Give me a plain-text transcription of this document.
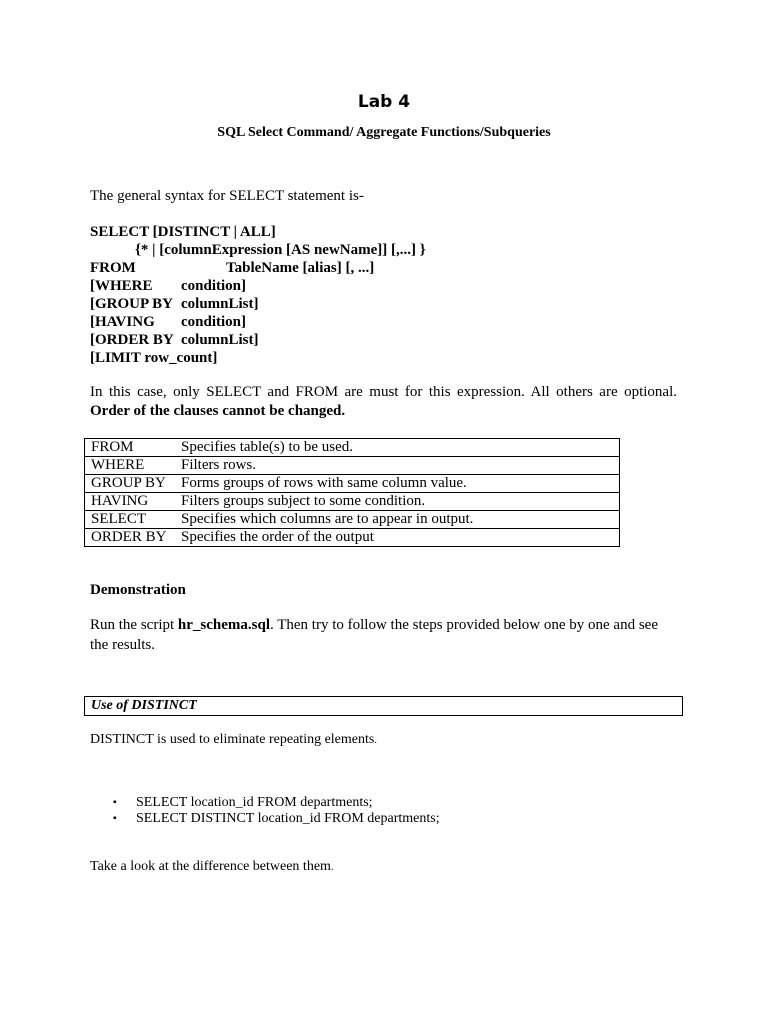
Lab 4
SQL Select Command/ Aggregate Functions/Subqueries
The general syntax for SELECT statement is-
SELECT [DISTINCT | ALL]
{* | [columnExpression [AS newName]] [,...] }
FROM	TableName [alias] [, ...]
[WHERE condition]
[GROUP BY columnList]
[HAVING condition]
[ORDER BY columnList]
[LIMIT row_count]
In this case, only SELECT and FROM are must for this expression. All others are optional.
Order of the clauses cannot be changed.
FROM	Specifies table(s) to be used.
WHERE	Filters rows.
GROUP BY	Forms groups of rows with same column value.
HAVING	Filters groups subject to some condition.
SELECT	Specifies which columns are to appear in output.
ORDER BY	Specifies the order of the output
Demonstration
Run the script hr_schema.sql. Then try to follow the steps provided below one by one and see
the results.
Use of DISTINCT
DISTINCT is used to eliminate repeating elements.
▪ SELECT location_id FROM departments;
▪ SELECT DISTINCT location_id FROM departments;
Take a look at the difference between them.
